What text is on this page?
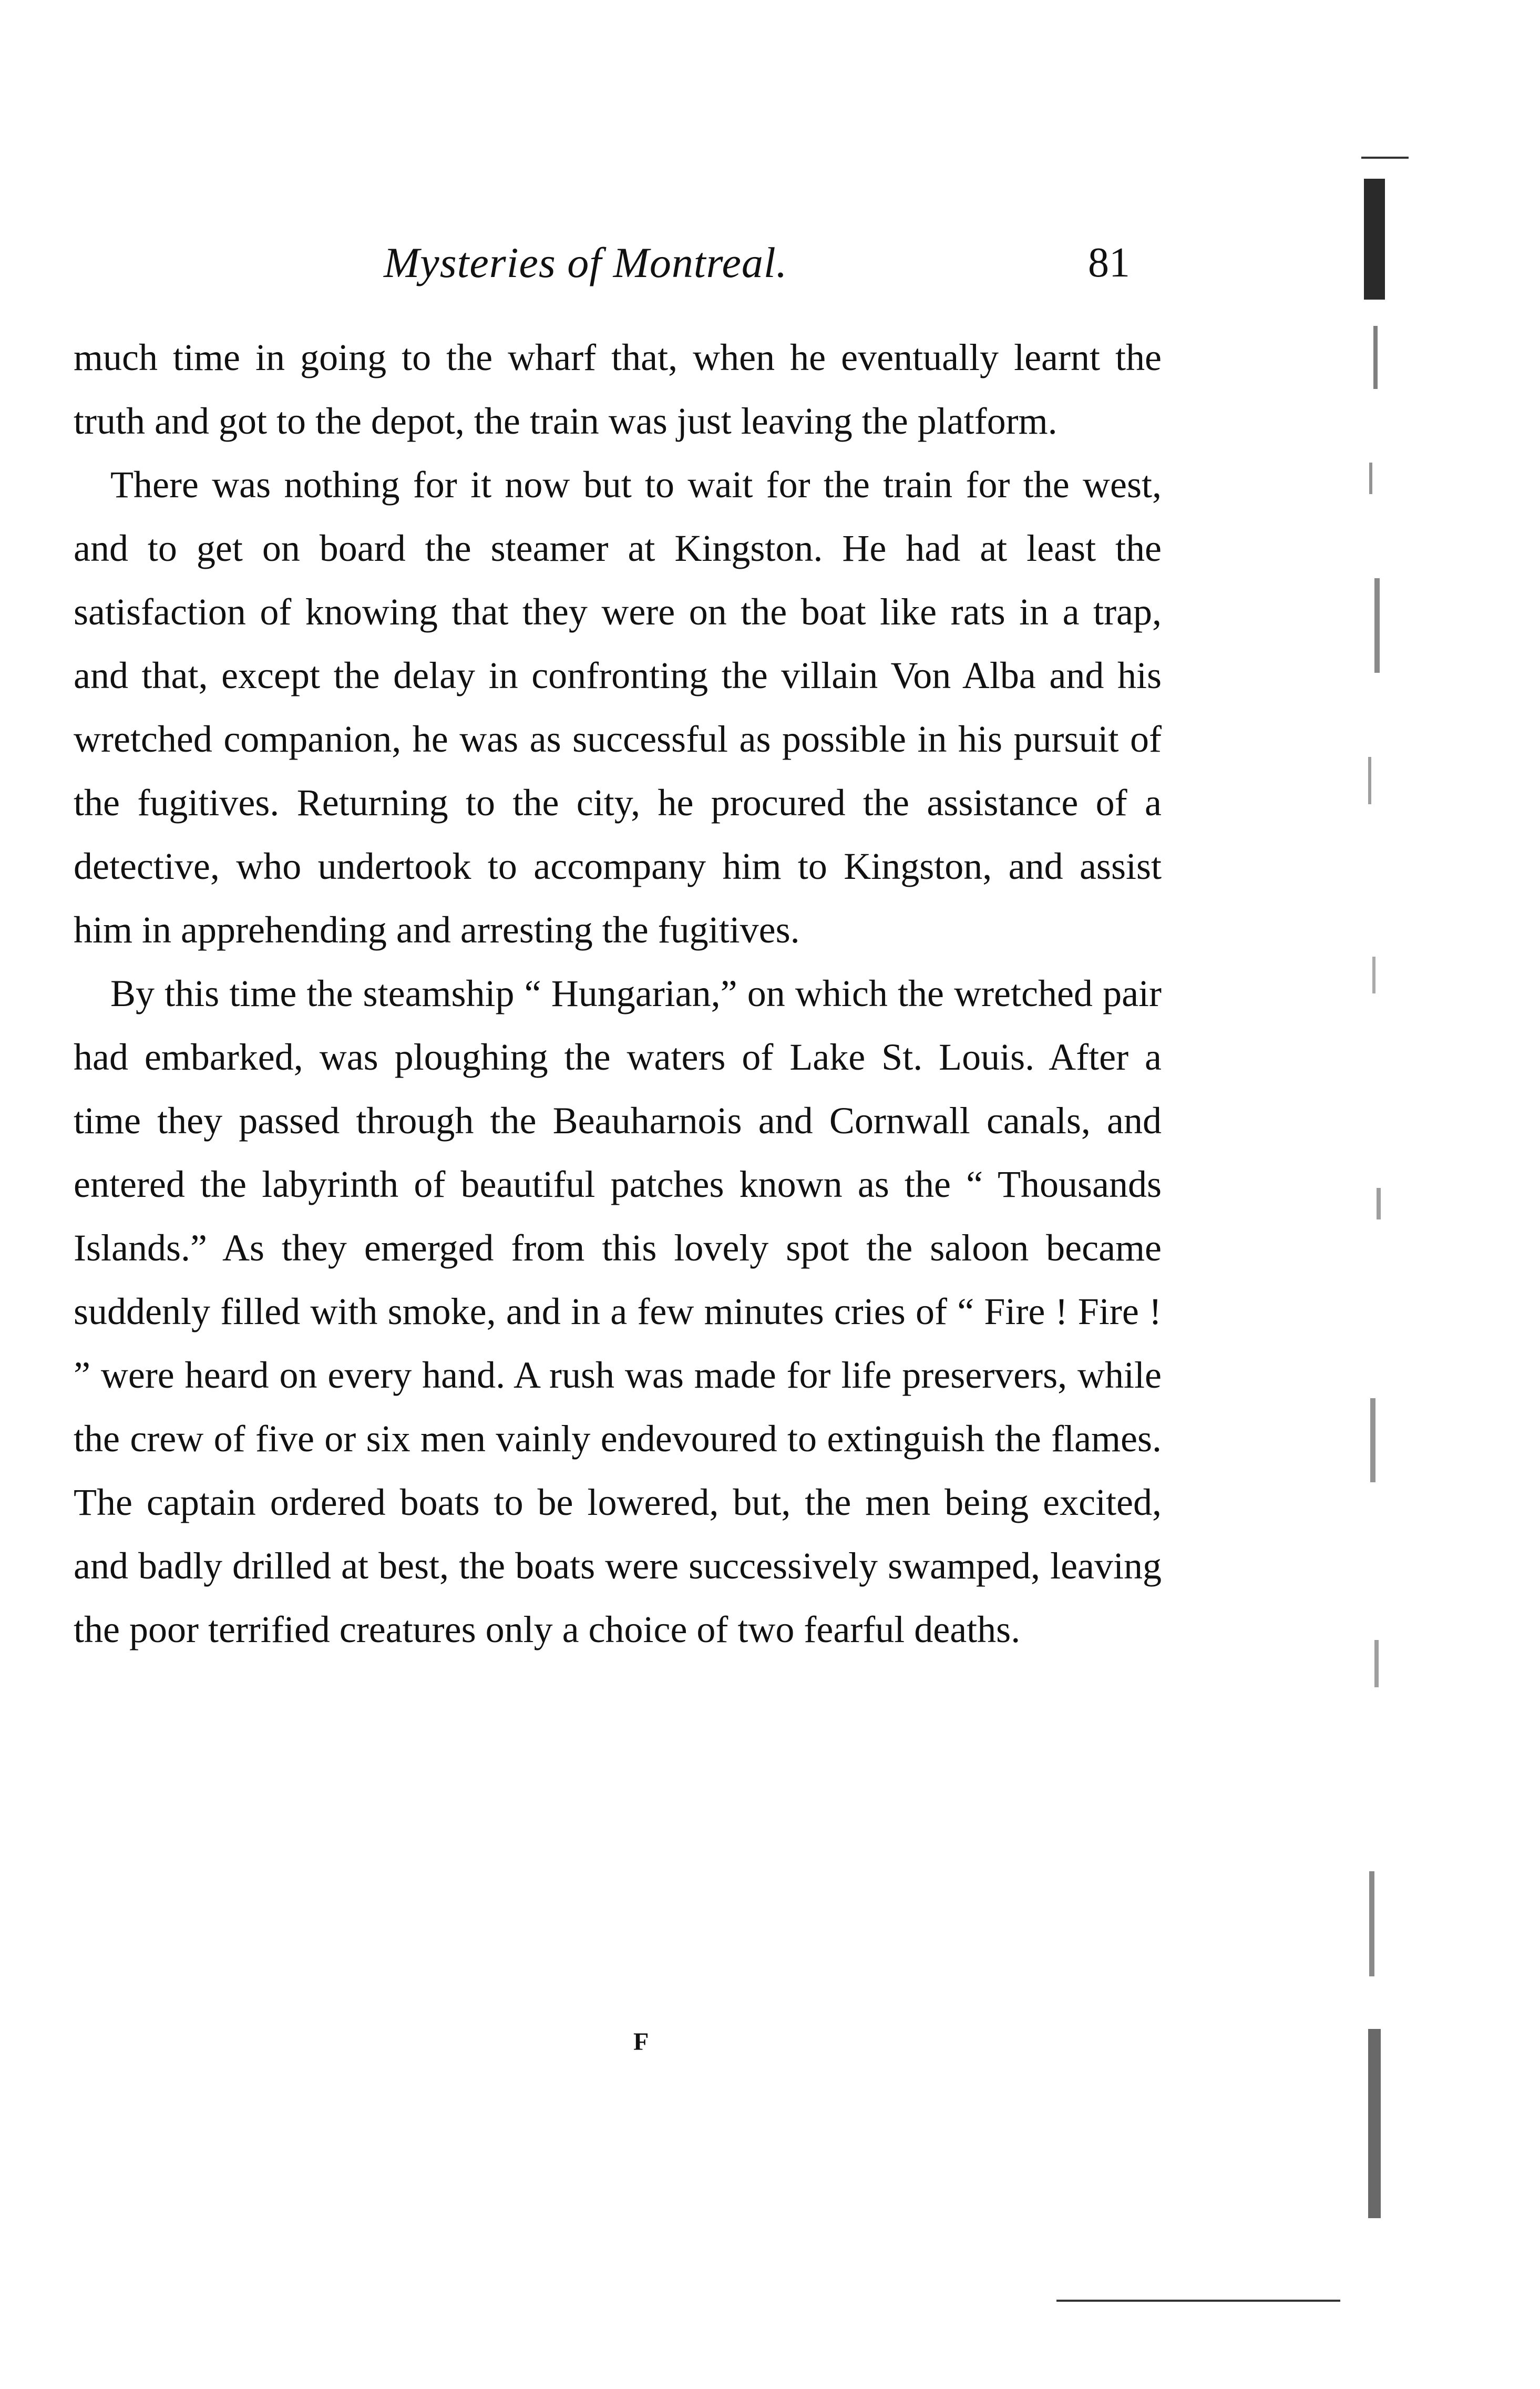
Mysteries of Montreal.	81

much time in going to the wharf that, when he eventually learnt the truth and got to the depot, the train was just leaving the platform.

There was nothing for it now but to wait for the train for the west, and to get on board the steamer at Kingston. He had at least the satisfaction of knowing that they were on the boat like rats in a trap, and that, except the delay in confronting the villain Von Alba and his wretched companion, he was as successful as possible in his pursuit of the fugitives. Returning to the city, he procured the assistance of a detective, who undertook to accompany him to Kingston, and assist him in apprehending and arresting the fugitives.

By this time the steamship “ Hungarian,” on which the wretched pair had embarked, was ploughing the waters of Lake St. Louis. After a time they passed through the Beauharnois and Cornwall canals, and entered the labyrinth of beautiful patches known as the “ Thousands Islands.” As they emerged from this lovely spot the saloon became suddenly filled with smoke, and in a few minutes cries of “ Fire ! Fire ! ” were heard on every hand. A rush was made for life preservers, while the crew of five or six men vainly endevoured to extinguish the flames. The captain ordered boats to be lowered, but, the men being excited, and badly drilled at best, the boats were successively swamped, leaving the poor terrified creatures only a choice of two fearful deaths.

F
